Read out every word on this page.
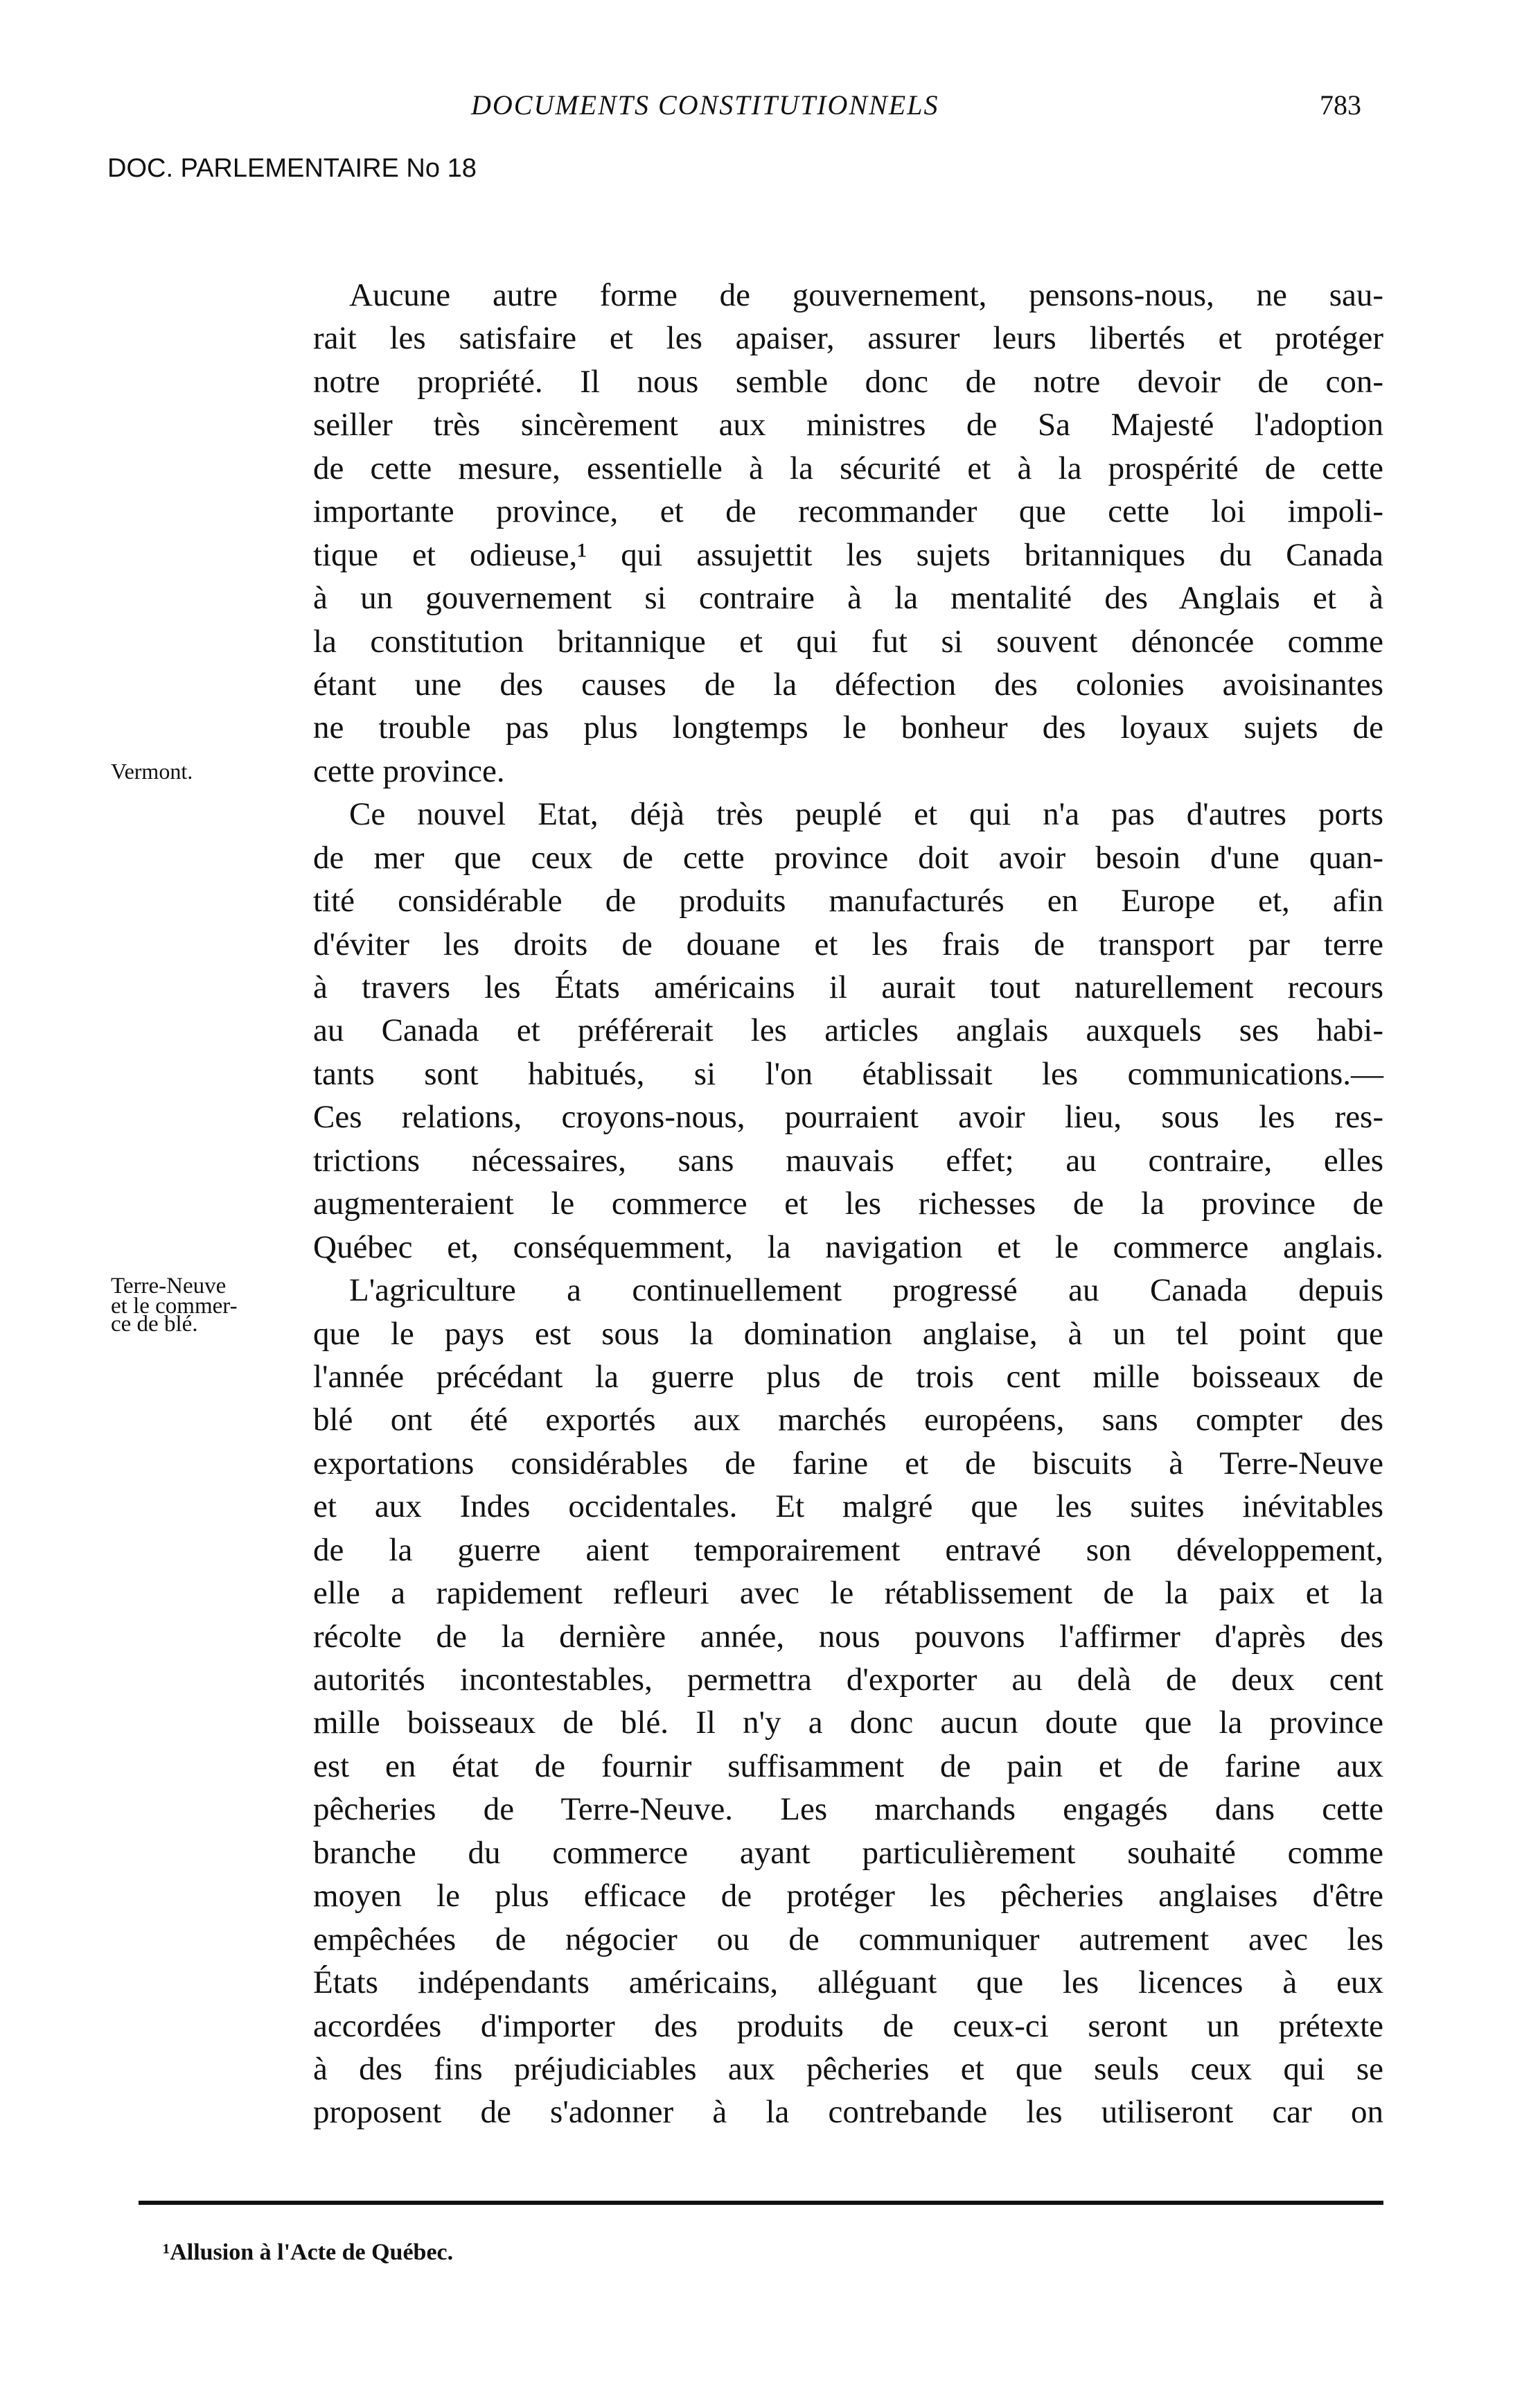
DOCUMENTS CONSTITUTIONNELS	783
DOC. PARLEMENTAIRE No 18
Vermont.
Terre-Neuve
et le commer-
ce de blé.
Aucune autre forme de gouvernement, pensons-nous, ne sau-
rait les satisfaire et les apaiser, assurer leurs libertés et protéger
notre propriété. Il nous semble donc de notre devoir de con-
seiller très sincèrement aux ministres de Sa Majesté l'adoption
de cette mesure, essentielle à la sécurité et à la prospérité de cette
importante province, et de recommander que cette loi impoli-
tique et odieuse,¹ qui assujettit les sujets britanniques du Canada
à un gouvernement si contraire à la mentalité des Anglais et à
la constitution britannique et qui fut si souvent dénoncée comme
étant une des causes de la défection des colonies avoisinantes
ne trouble pas plus longtemps le bonheur des loyaux sujets de
cette province.
Ce nouvel Etat, déjà très peuplé et qui n'a pas d'autres ports
de mer que ceux de cette province doit avoir besoin d'une quan-
tité considérable de produits manufacturés en Europe et, afin
d'éviter les droits de douane et les frais de transport par terre
à travers les États américains il aurait tout naturellement recours
au Canada et préférerait les articles anglais auxquels ses habi-
tants sont habitués, si l'on établissait les communications.—
Ces relations, croyons-nous, pourraient avoir lieu, sous les res-
trictions nécessaires, sans mauvais effet; au contraire, elles
augmenteraient le commerce et les richesses de la province de
Québec et, conséquemment, la navigation et le commerce anglais.
L'agriculture a continuellement progressé au Canada depuis
que le pays est sous la domination anglaise, à un tel point que
l'année précédant la guerre plus de trois cent mille boisseaux de
blé ont été exportés aux marchés européens, sans compter des
exportations considérables de farine et de biscuits à Terre-Neuve
et aux Indes occidentales. Et malgré que les suites inévitables
de la guerre aient temporairement entravé son développement,
elle a rapidement refleuri avec le rétablissement de la paix et la
récolte de la dernière année, nous pouvons l'affirmer d'après des
autorités incontestables, permettra d'exporter au delà de deux cent
mille boisseaux de blé. Il n'y a donc aucun doute que la province
est en état de fournir suffisamment de pain et de farine aux
pêcheries de Terre-Neuve. Les marchands engagés dans cette
branche du commerce ayant particulièrement souhaité comme
moyen le plus efficace de protéger les pêcheries anglaises d'être
empêchées de négocier ou de communiquer autrement avec les
États indépendants américains, alléguant que les licences à eux
accordées d'importer des produits de ceux-ci seront un prétexte
à des fins préjudiciables aux pêcheries et que seuls ceux qui se
proposent de s'adonner à la contrebande les utiliseront car on
¹Allusion à l'Acte de Québec.
